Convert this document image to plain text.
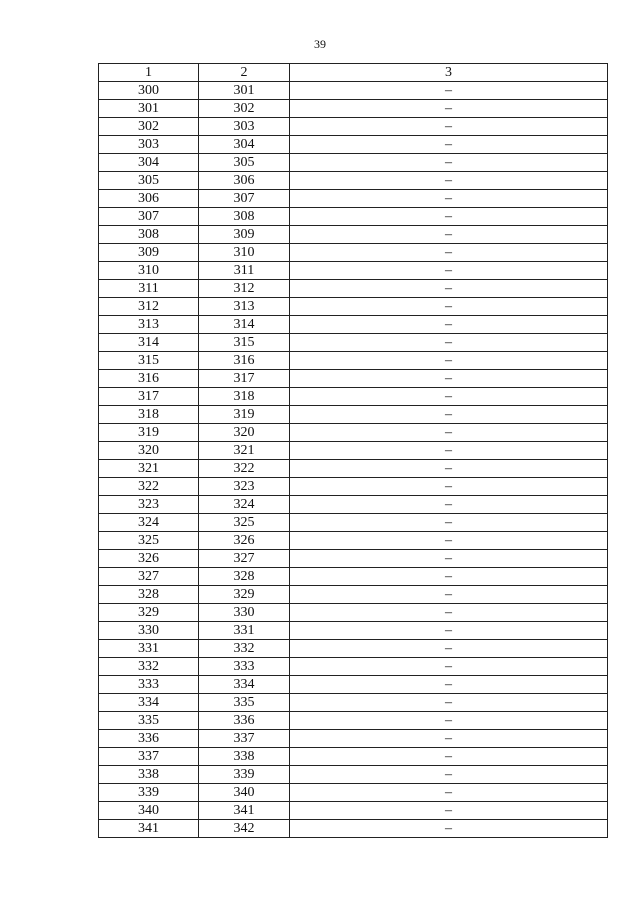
39
1	2	3
300	301	–
301	302	–
302	303	–
303	304	–
304	305	–
305	306	–
306	307	–
307	308	–
308	309	–
309	310	–
310	311	–
311	312	–
312	313	–
313	314	–
314	315	–
315	316	–
316	317	–
317	318	–
318	319	–
319	320	–
320	321	–
321	322	–
322	323	–
323	324	–
324	325	–
325	326	–
326	327	–
327	328	–
328	329	–
329	330	–
330	331	–
331	332	–
332	333	–
333	334	–
334	335	–
335	336	–
336	337	–
337	338	–
338	339	–
339	340	–
340	341	–
341	342	–
